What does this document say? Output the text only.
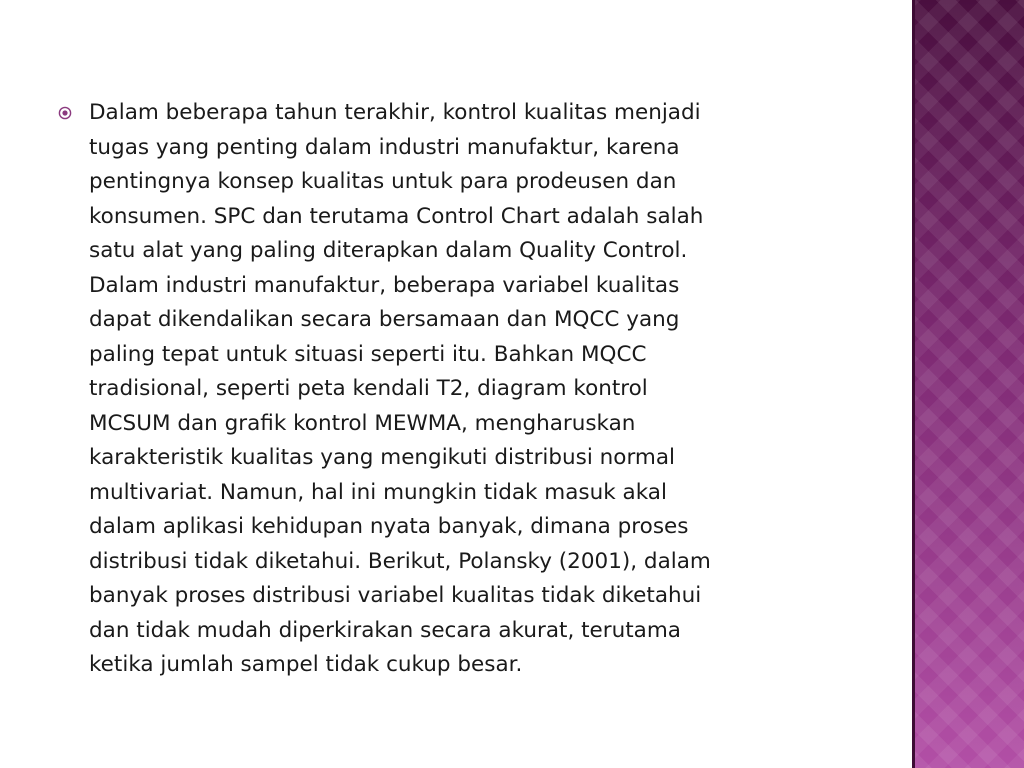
Dalam beberapa tahun terakhir, kontrol kualitas menjadi
tugas yang penting dalam industri manufaktur, karena
pentingnya konsep kualitas untuk para prodeusen dan
konsumen. SPC dan terutama Control Chart adalah salah
satu alat yang paling diterapkan dalam Quality Control.
Dalam industri manufaktur, beberapa variabel kualitas
dapat dikendalikan secara bersamaan dan MQCC yang
paling tepat untuk situasi seperti itu. Bahkan MQCC
tradisional, seperti peta kendali T2, diagram kontrol
MCSUM dan grafik kontrol MEWMA, mengharuskan
karakteristik kualitas yang mengikuti distribusi normal
multivariat. Namun, hal ini mungkin tidak masuk akal
dalam aplikasi kehidupan nyata banyak, dimana proses
distribusi tidak diketahui. Berikut, Polansky (2001), dalam
banyak proses distribusi variabel kualitas tidak diketahui
dan tidak mudah diperkirakan secara akurat, terutama
ketika jumlah sampel tidak cukup besar.
